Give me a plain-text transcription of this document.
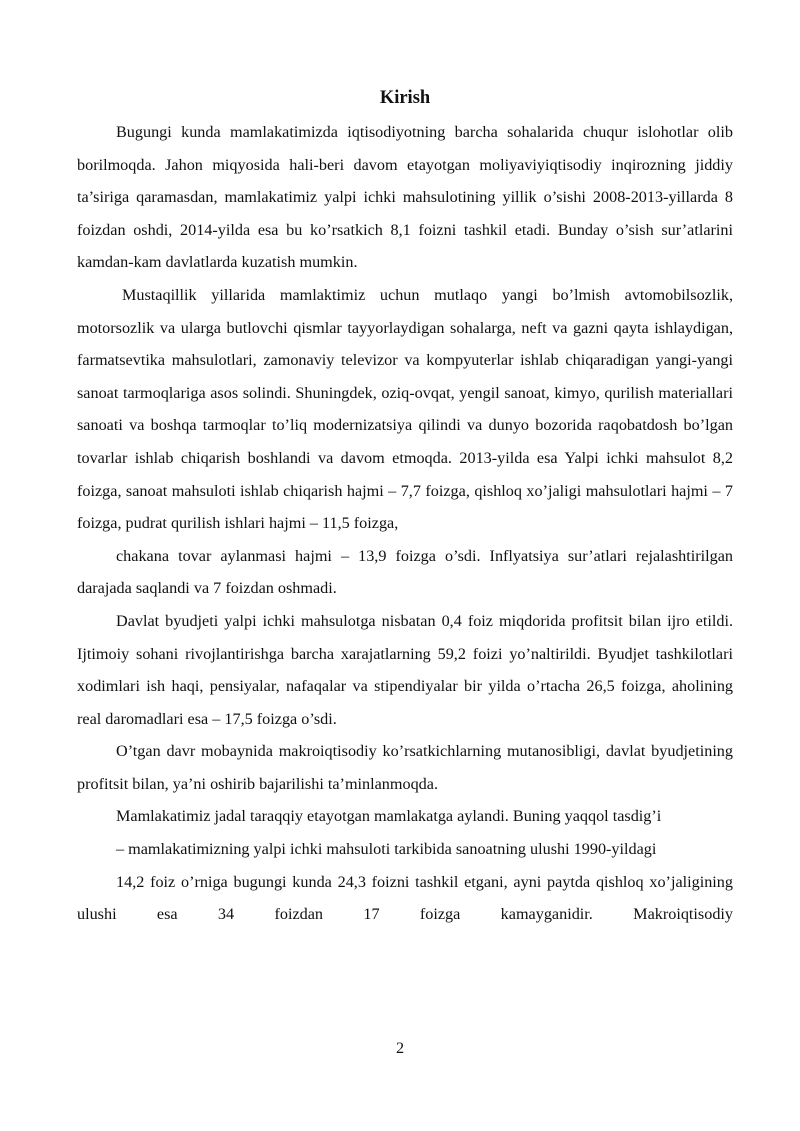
Kirish

Bugungi kunda mamlakatimizda iqtisodiyotning barcha sohalarida chuqur islohotlar olib borilmoqda. Jahon miqyosida hali-beri davom etayotgan moliyaviyiqtisodiy inqirozning jiddiy ta’siriga qaramasdan, mamlakatimiz yalpi ichki mahsulotining yillik o’sishi 2008-2013-yillarda 8 foizdan oshdi, 2014-yilda esa bu ko’rsatkich 8,1 foizni tashkil etadi. Bunday o’sish sur’atlarini kamdan-kam davlatlarda kuzatish mumkin.

Mustaqillik yillarida mamlaktimiz uchun mutlaqo yangi bo’lmish avtomobilsozlik, motorsozlik va ularga butlovchi qismlar tayyorlaydigan sohalarga, neft va gazni qayta ishlaydigan, farmatsevtika mahsulotlari, zamonaviy televizor va kompyuterlar ishlab chiqaradigan yangi-yangi sanoat tarmoqlariga asos solindi. Shuningdek, oziq-ovqat, yengil sanoat, kimyo, qurilish materiallari sanoati va boshqa tarmoqlar to’liq modernizatsiya qilindi va dunyo bozorida raqobatdosh bo’lgan tovarlar ishlab chiqarish boshlandi va davom etmoqda. 2013-yilda esa Yalpi ichki mahsulot 8,2 foizga, sanoat mahsuloti ishlab chiqarish hajmi – 7,7 foizga, qishloq xo’jaligi mahsulotlari hajmi – 7 foizga, pudrat qurilish ishlari hajmi – 11,5 foizga,

chakana tovar aylanmasi hajmi – 13,9 foizga o’sdi. Inflyatsiya sur’atlari rejalashtirilgan darajada saqlandi va 7 foizdan oshmadi.

Davlat byudjeti yalpi ichki mahsulotga nisbatan 0,4 foiz miqdorida profitsit bilan ijro etildi. Ijtimoiy sohani rivojlantirishga barcha xarajatlarning 59,2 foizi yo’naltirildi. Byudjet tashkilotlari xodimlari ish haqi, pensiyalar, nafaqalar va stipendiyalar bir yilda o’rtacha 26,5 foizga, aholining real daromadlari esa – 17,5 foizga o’sdi.

O’tgan davr mobaynida makroiqtisodiy ko’rsatkichlarning mutanosibligi, davlat byudjetining profitsit bilan, ya’ni oshirib bajarilishi ta’minlanmoqda.

Mamlakatimiz jadal taraqqiy etayotgan mamlakatga aylandi. Buning yaqqol tasdig’i

– mamlakatimizning yalpi ichki mahsuloti tarkibida sanoatning ulushi 1990-yildagi

14,2 foiz o’rniga bugungi kunda 24,3 foizni tashkil etgani, ayni paytda qishloq xo’jaligining ulushi esa 34 foizdan 17 foizga kamayganidir. Makroiqtisodiy

2
